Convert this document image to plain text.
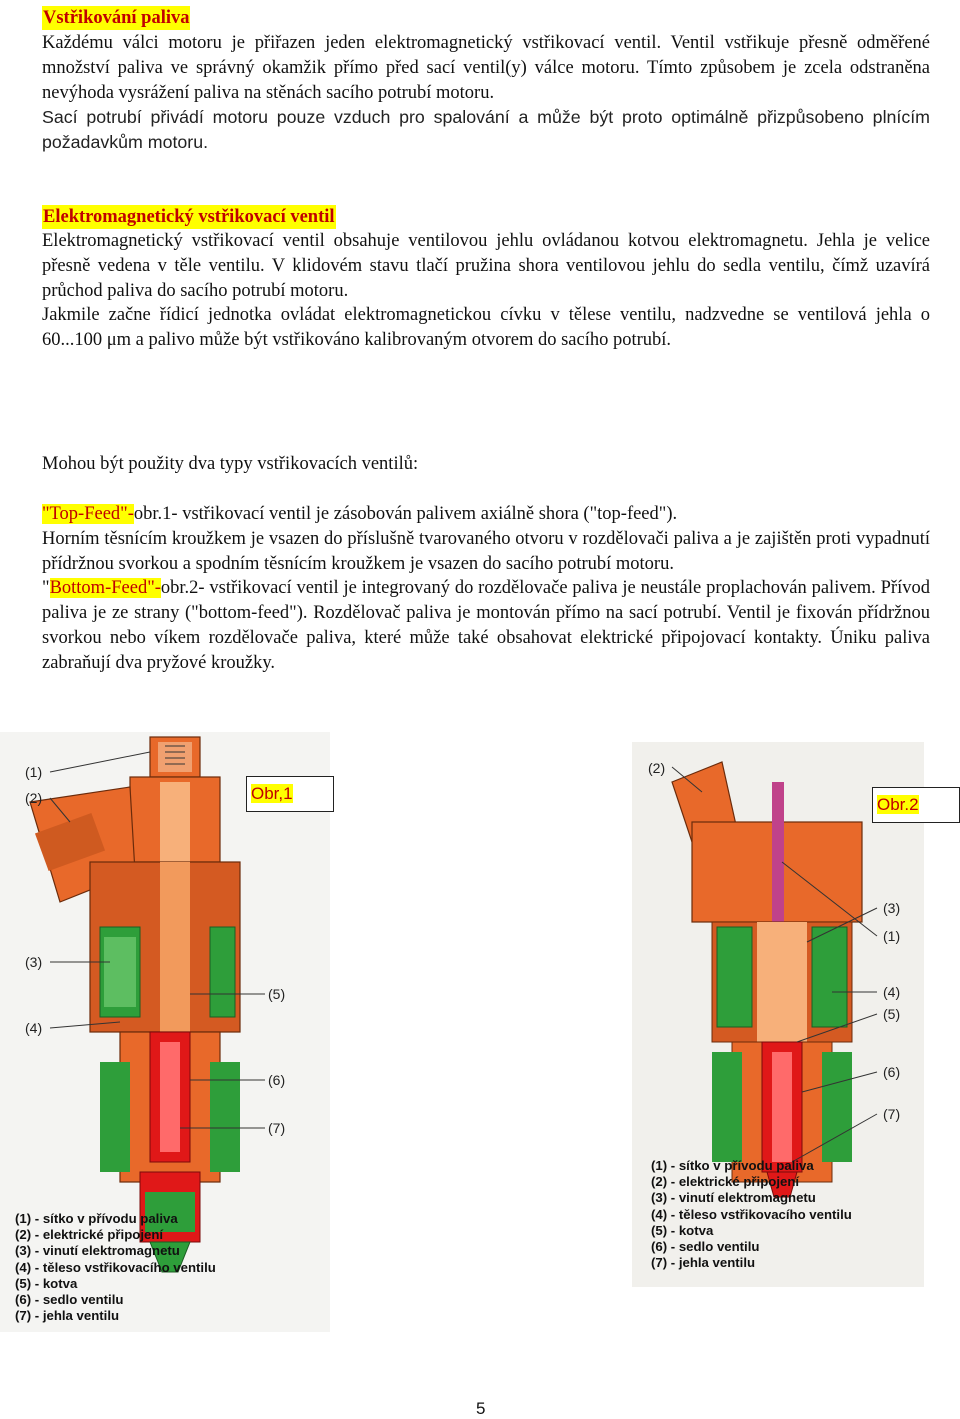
Vstřikování paliva

Každému válci motoru je přiřazen jeden elektromagnetický vstřikovací ventil. Ventil vstřikuje přesně odměřené množství paliva ve správný okamžik přímo před sací ventil(y) válce motoru. Tímto způsobem je zcela odstraněna nevýhoda vysrážení paliva na stěnách sacího potrubí motoru.

Sací potrubí přivádí motoru pouze vzduch pro spalování a může být proto optimálně přizpůsobeno plnícím požadavkům motoru.

Elektromagnetický vstřikovací ventil

Elektromagnetický vstřikovací ventil obsahuje ventilovou jehlu ovládanou kotvou elektromagnetu. Jehla je velice přesně vedena v těle ventilu. V klidovém stavu tlačí pružina shora ventilovou jehlu do sedla ventilu, čímž uzavírá průchod paliva do sacího potrubí motoru.

Jakmile začne řídicí jednotka ovládat elektromagnetickou cívku v tělese ventilu, nadzvedne se ventilová jehla o 60...100 μm a palivo může být vstřikováno kalibrovaným otvorem do sacího potrubí.

Mohou být použity dva typy vstřikovacích ventilů:

"Top-Feed"-obr.1- vstřikovací ventil je zásobován palivem axiálně shora ("top-feed").

Horním těsnícím kroužkem je vsazen do příslušně tvarovaného otvoru v rozdělovači paliva a je zajištěn proti vypadnutí přídržnou svorkou a spodním těsnícím kroužkem je vsazen do sacího potrubí motoru.

"Bottom-Feed"-obr.2- vstřikovací ventil je integrovaný do rozdělovače paliva je neustále proplachován palivem. Přívod paliva je ze strany ("bottom-feed"). Rozdělovač paliva je montován přímo na sací potrubí. Ventil je fixován přídržnou svorkou nebo víkem rozdělovače paliva, které může také obsahovat elektrické připojovací kontakty. Úniku paliva zabraňují dva pryžové kroužky.

(1)
(2)
(3)
(4)
(5)
(6)
(7)
Obr,1
(1) - sítko v přívodu paliva
(2) - elektrické připojení
(3) - vinutí elektromagnetu
(4) - těleso vstřikovacího ventilu
(5) - kotva
(6) - sedlo ventilu
(7) - jehla ventilu
(2)
(3)
(1)
(4)
(5)
(6)
(7)
Obr.2
(1) - sítko v přívodu paliva
(2) - elektrické připojení
(3) - vinutí elektromagnetu
(4) - těleso vstřikovacího ventilu
(5) - kotva
(6) - sedlo ventilu
(7) - jehla ventilu
5
